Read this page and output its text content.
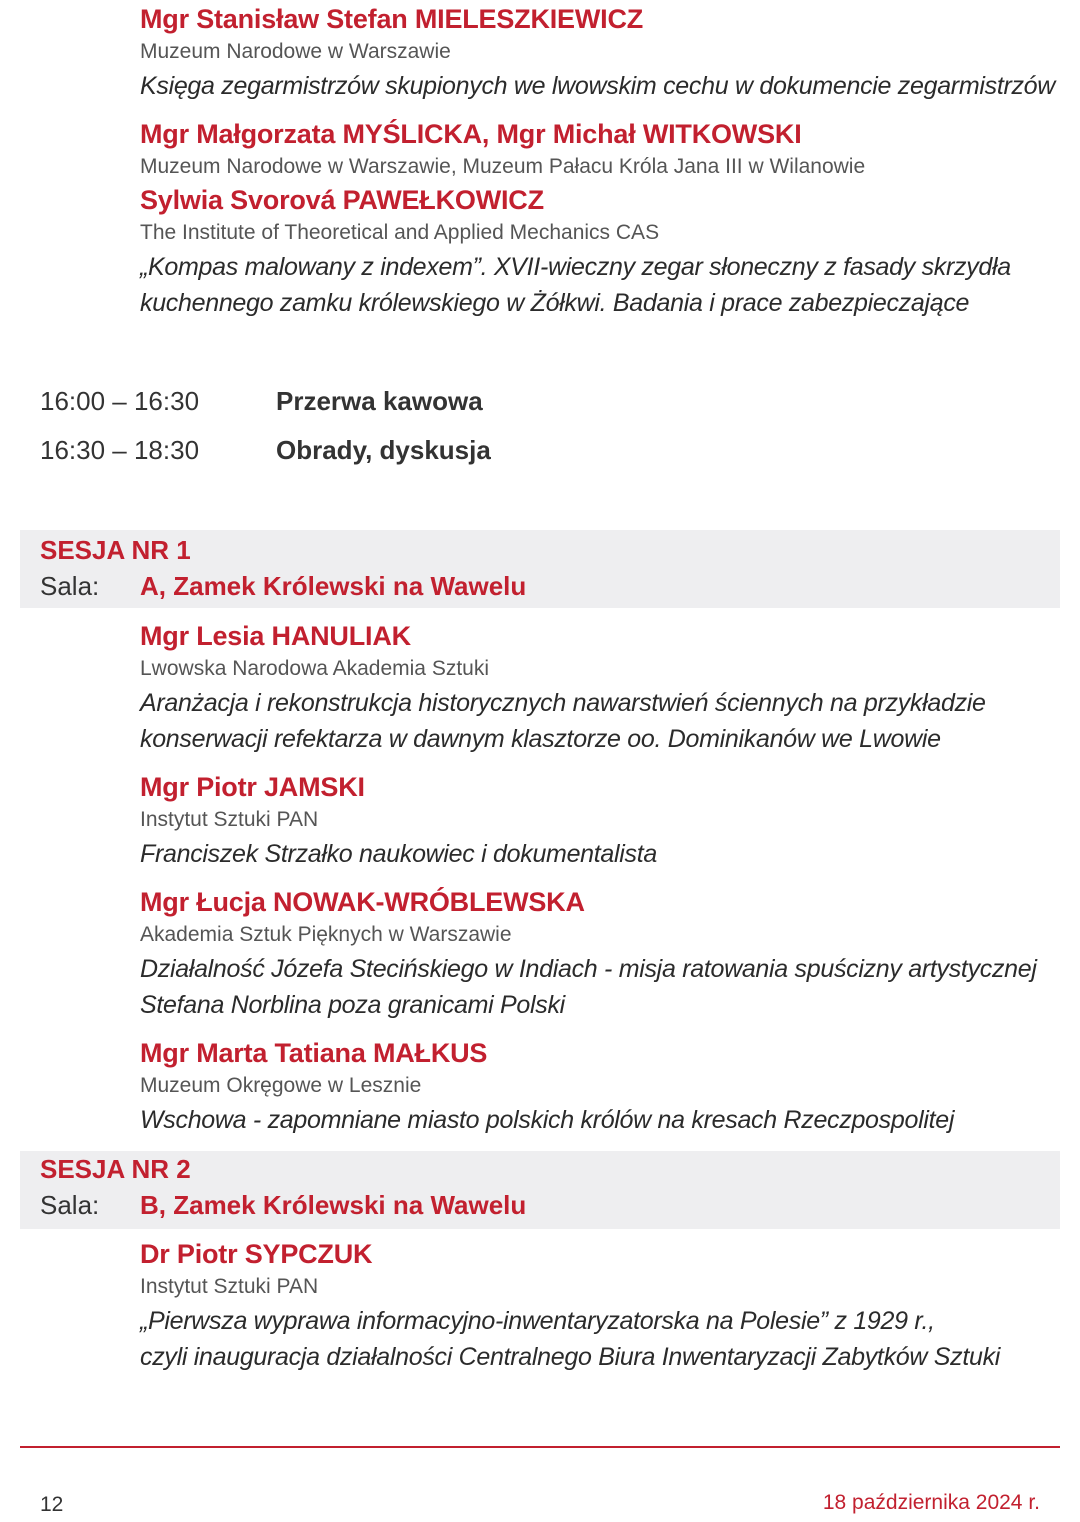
Mgr Stanisław Stefan MIELESZKIEWICZ
Muzeum Narodowe w Warszawie
Księga zegarmistrzów skupionych we lwowskim cechu w dokumencie zegarmistrzów
Mgr Małgorzata MYŚLICKA, Mgr Michał WITKOWSKI
Muzeum Narodowe w Warszawie, Muzeum Pałacu Króla Jana III w Wilanowie
Sylwia Svorová PAWEŁKOWICZ
The Institute of Theoretical and Applied Mechanics CAS
„Kompas malowany z indexem”. XVII-wieczny zegar słoneczny z fasady skrzydła
kuchennego zamku królewskiego w Żółkwi. Badania i prace zabezpieczające
16:00 – 16:30	Przerwa kawowa
16:30 – 18:30	Obrady, dyskusja
SESJA NR 1
Sala: A, Zamek Królewski na Wawelu
Mgr Lesia HANULIAK
Lwowska Narodowa Akademia Sztuki
Aranżacja i rekonstrukcja historycznych nawarstwień ściennych na przykładzie
konserwacji refektarza w dawnym klasztorze oo. Dominikanów we Lwowie
Mgr Piotr JAMSKI
Instytut Sztuki PAN
Franciszek Strzałko naukowiec i dokumentalista
Mgr Łucja NOWAK-WRÓBLEWSKA
Akademia Sztuk Pięknych w Warszawie
Działalność Józefa Stecińskiego w Indiach - misja ratowania spuścizny artystycznej
Stefana Norblina poza granicami Polski
Mgr Marta Tatiana MAŁKUS
Muzeum Okręgowe w Lesznie
Wschowa - zapomniane miasto polskich królów na kresach Rzeczpospolitej
SESJA NR 2
Sala: B, Zamek Królewski na Wawelu
Dr Piotr SYPCZUK
Instytut Sztuki PAN
„Pierwsza wyprawa informacyjno-inwentaryzatorska na Polesie” z 1929 r.,
czyli inauguracja działalności Centralnego Biura Inwentaryzacji Zabytków Sztuki
12	18 października 2024 r.
